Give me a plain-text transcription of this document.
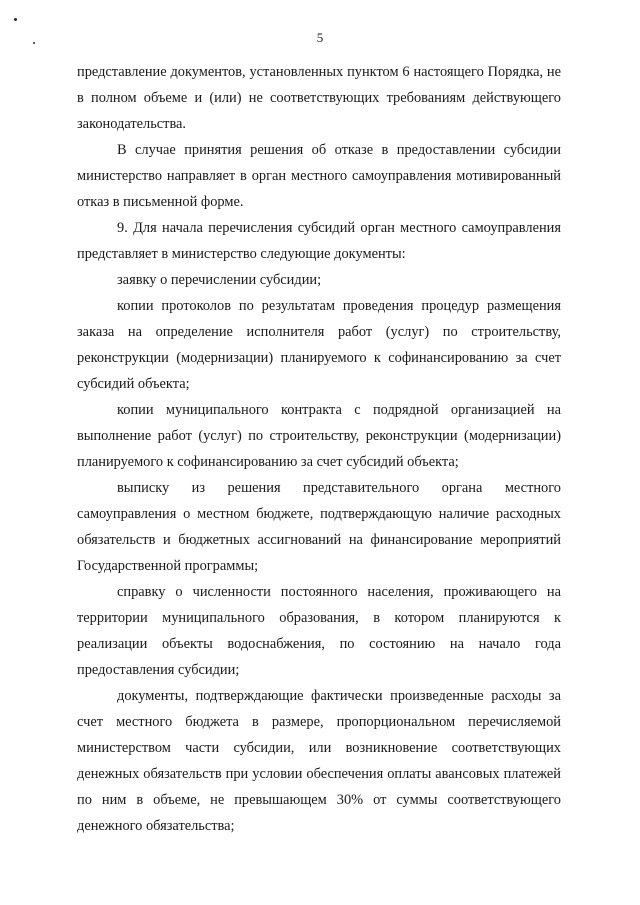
5

представление документов, установленных пунктом 6 настоящего Порядка, не в полном объеме и (или) не соответствующих требованиям действующего законодательства.

В случае принятия решения об отказе в предоставлении субсидии министерство направляет в орган местного самоуправления мотивированный отказ в письменной форме.

9. Для начала перечисления субсидий орган местного самоуправления представляет в министерство следующие документы:

заявку о перечислении субсидии;

копии протоколов по результатам проведения процедур размещения заказа на определение исполнителя работ (услуг) по строительству, реконструкции (модернизации) планируемого к софинансированию за счет субсидий объекта;

копии муниципального контракта с подрядной организацией на выполнение работ (услуг) по строительству, реконструкции (модернизации) планируемого к софинансированию за счет субсидий объекта;

выписку из решения представительного органа местного самоуправления о местном бюджете, подтверждающую наличие расходных обязательств и бюджетных ассигнований на финансирование мероприятий Государственной программы;

справку о численности постоянного населения, проживающего на территории муниципального образования, в котором планируются к реализации объекты водоснабжения, по состоянию на начало года предоставления субсидии;

документы, подтверждающие фактически произведенные расходы за счет местного бюджета в размере, пропорциональном перечисляемой министерством части субсидии, или возникновение соответствующих денежных обязательств при условии обеспечения оплаты авансовых платежей по ним в объеме, не превышающем 30% от суммы соответствующего денежного обязательства;
